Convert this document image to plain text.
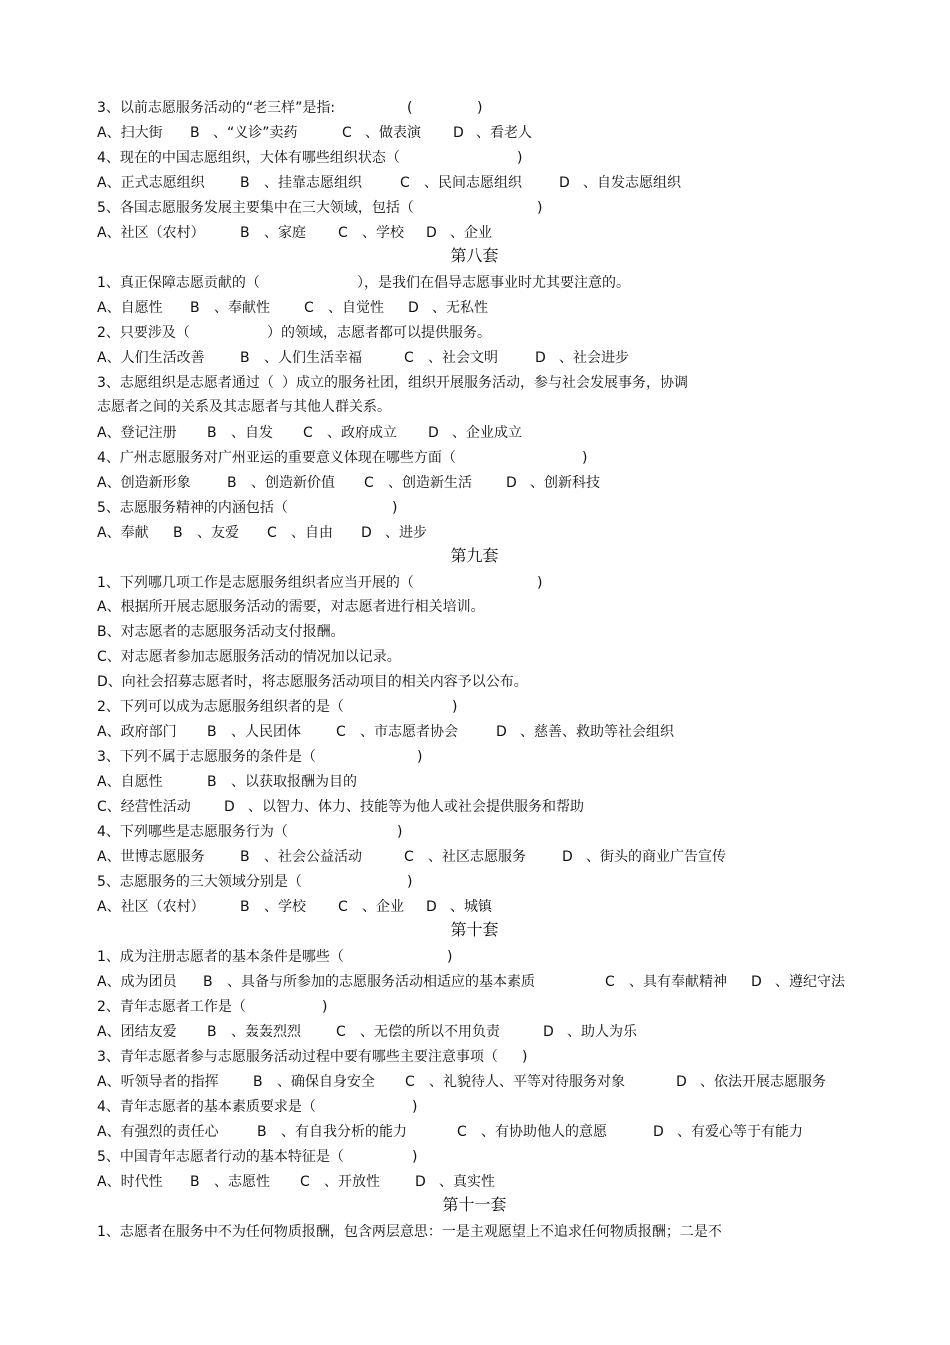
3、以前志愿服务活动的“老三样”是指:	(	)
A、扫大街 B 、“义诊”卖药	C 、做表演 D 、看老人
4、现在的中国志愿组织，大体有哪些组织状态（	)
A、正式志愿组织	B 、挂靠志愿组织	C 、民间志愿组织	D 、自发志愿组织
5、各国志愿服务发展主要集中在三大领域，包括（	)
A、社区（农村）	B 、家庭 C 、学校 D 、企业
第八套
1、真正保障志愿贡献的（	），是我们在倡导志愿事业时尤其要注意的。
A、自愿性 B 、奉献性 C 、自觉性 D 、无私性
2、只要涉及（	）的领域，志愿者都可以提供服务。
A、人们生活改善	B 、人们生活幸福	C 、社会文明	D 、社会进步
3、志愿组织是志愿者通过（ ）成立的服务社团，组织开展服务活动，参与社会发展事务，协调
志愿者之间的关系及其志愿者与其他人群关系。
A、登记注册 B 、自发 C 、政府成立 D 、企业成立
4、广州志愿服务对广州亚运的重要意义体现在哪些方面（	)
A、创造新形象	B 、创造新价值 C 、创造新生活 D 、创新科技
5、志愿服务精神的内涵包括（	)
A、奉献 B 、友爱 C 、自由 D 、进步
第九套
1、下列哪几项工作是志愿服务组织者应当开展的（	)
A、根据所开展志愿服务活动的需要，对志愿者进行相关培训。
B、对志愿者的志愿服务活动支付报酬。
C、对志愿者参加志愿服务活动的情况加以记录。
D、向社会招募志愿者时，将志愿服务活动项目的相关内容予以公布。
2、下列可以成为志愿服务组织者的是（	)
A、政府部门 B 、人民团体	C 、市志愿者协会	D 、慈善、救助等社会组织
3、下列不属于志愿服务的条件是（	)
A、自愿性	B 、以获取报酬为目的
C、经营性活动 D 、以智力、体力、技能等为他人或社会提供服务和帮助
4、下列哪些是志愿服务行为（	)
A、世博志愿服务	B 、社会公益活动	C 、社区志愿服务	D 、街头的商业广告宣传
5、志愿服务的三大领域分别是（	)
A、社区（农村）	B 、学校 C 、企业 D 、城镇
第十套
1、成为注册志愿者的基本条件是哪些（	)
A、成为团员 B 、具备与所参加的志愿服务活动相适应的基本素质	C 、具有奉献精神 D 、遵纪守法
2、青年志愿者工作是（	)
A、团结友爱 B 、轰轰烈烈	C 、无偿的所以不用负责	D 、助人为乐
3、青年志愿者参与志愿服务活动过程中要有哪些主要注意事项（ )
A、听领导者的指挥 B 、确保自身安全 C 、礼貌待人、平等对待服务对象	D 、依法开展志愿服务
4、青年志愿者的基本素质要求是（	)
A、有强烈的责任心	B 、有自我分析的能力	C 、有协助他人的意愿	D 、有爱心等于有能力
5、中国青年志愿者行动的基本特征是（	)
A、时代性 B 、志愿性 C 、开放性	D 、真实性
第十一套
1、志愿者在服务中不为任何物质报酬，包含两层意思：一是主观愿望上不追求任何物质报酬；二是不
